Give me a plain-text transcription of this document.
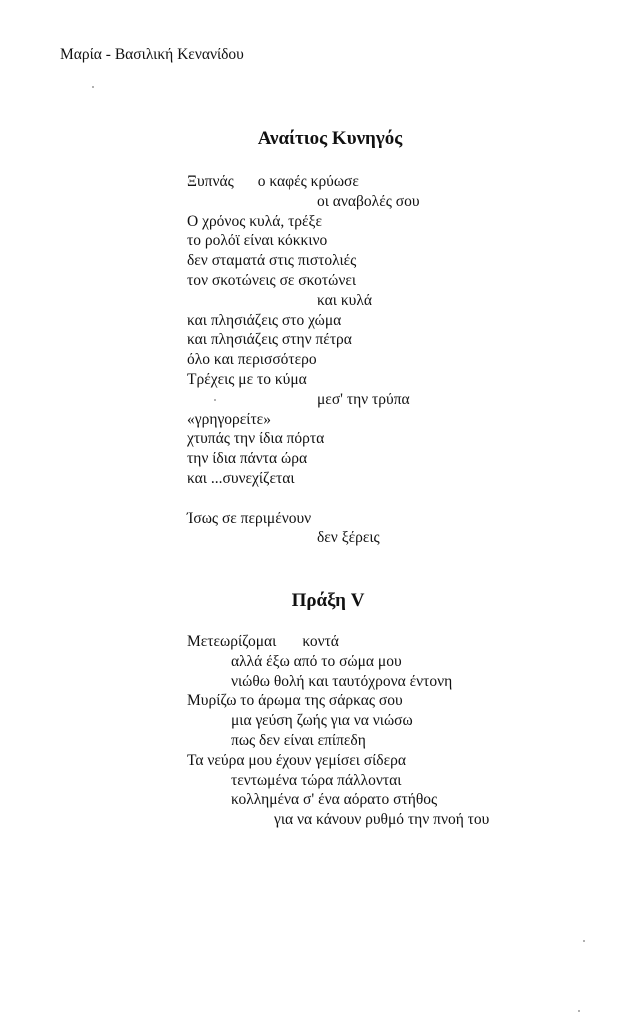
Μαρία - Βασιλική Κενανίδου
Αναίτιος Κυνηγός
Ξυπνάς ο καφές κρύωσε
οι αναβολές σου
Ο χρόνος κυλά, τρέξε
το ρολόϊ είναι κόκκινο
δεν σταματά στις πιστολιές
τον σκοτώνεις σε σκοτώνει
και κυλά
και πλησιάζεις στο χώμα
και πλησιάζεις στην πέτρα
όλο και περισσότερο
Τρέχεις με το κύμα
μεσ' την τρύπα
«γρηγορείτε»
χτυπάς την ίδια πόρτα
την ίδια πάντα ώρα
και ...συνεχίζεται
Ίσως σε περιμένουν
δεν ξέρεις
Πράξη V
Μετεωρίζομαι κοντά
αλλά έξω από το σώμα μου
νιώθω θολή και ταυτόχρονα έντονη
Μυρίζω το άρωμα της σάρκας σου
μια γεύση ζωής για να νιώσω
πως δεν είναι επίπεδη
Τα νεύρα μου έχουν γεμίσει σίδερα
τεντωμένα τώρα πάλλονται
κολλημένα σ' ένα αόρατο στήθος
για να κάνουν ρυθμό την πνοή του
